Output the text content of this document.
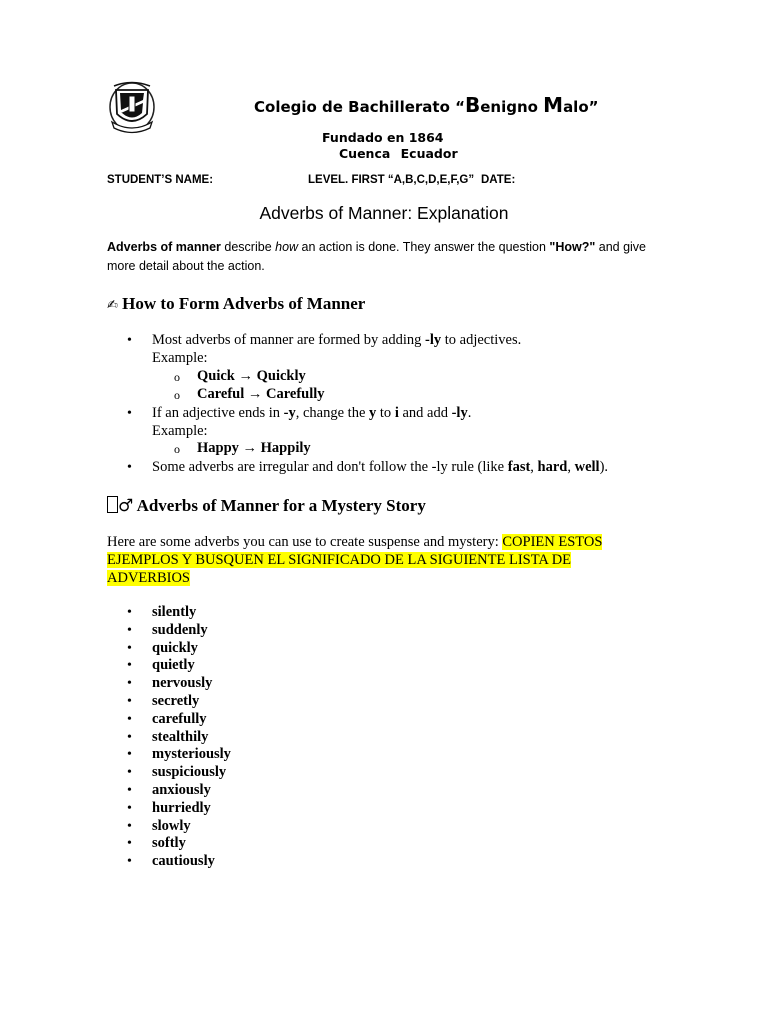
Colegio de Bachillerato “Benigno Malo”
Fundado en 1864
Cuenca Ecuador
STUDENT’S NAME:	LEVEL. FIRST “A,B,C,D,E,F,G” DATE:
Adverbs of Manner: Explanation

Adverbs of manner describe how an action is done. They answer the question "How?" and give more detail about the action.

✍ How to Form Adverbs of Manner
• Most adverbs of manner are formed by adding -ly to adjectives.
Example:
o Quick → Quickly
o Careful → Carefully
• If an adjective ends in -y, change the y to i and add -ly.
Example:
o Happy → Happily
• Some adverbs are irregular and don't follow the -ly rule (like fast, hard, well).
♂ Adverbs of Manner for a Mystery Story

Here are some adverbs you can use to create suspense and mystery: COPIEN ESTOS EJEMPLOS Y BUSQUEN EL SIGNIFICADO DE LA SIGUIENTE LISTA DE ADVERBIOS

• silently
• suddenly
• quickly
• quietly
• nervously
• secretly
• carefully
• stealthily
• mysteriously
• suspiciously
• anxiously
• hurriedly
• slowly
• softly
• cautiously
